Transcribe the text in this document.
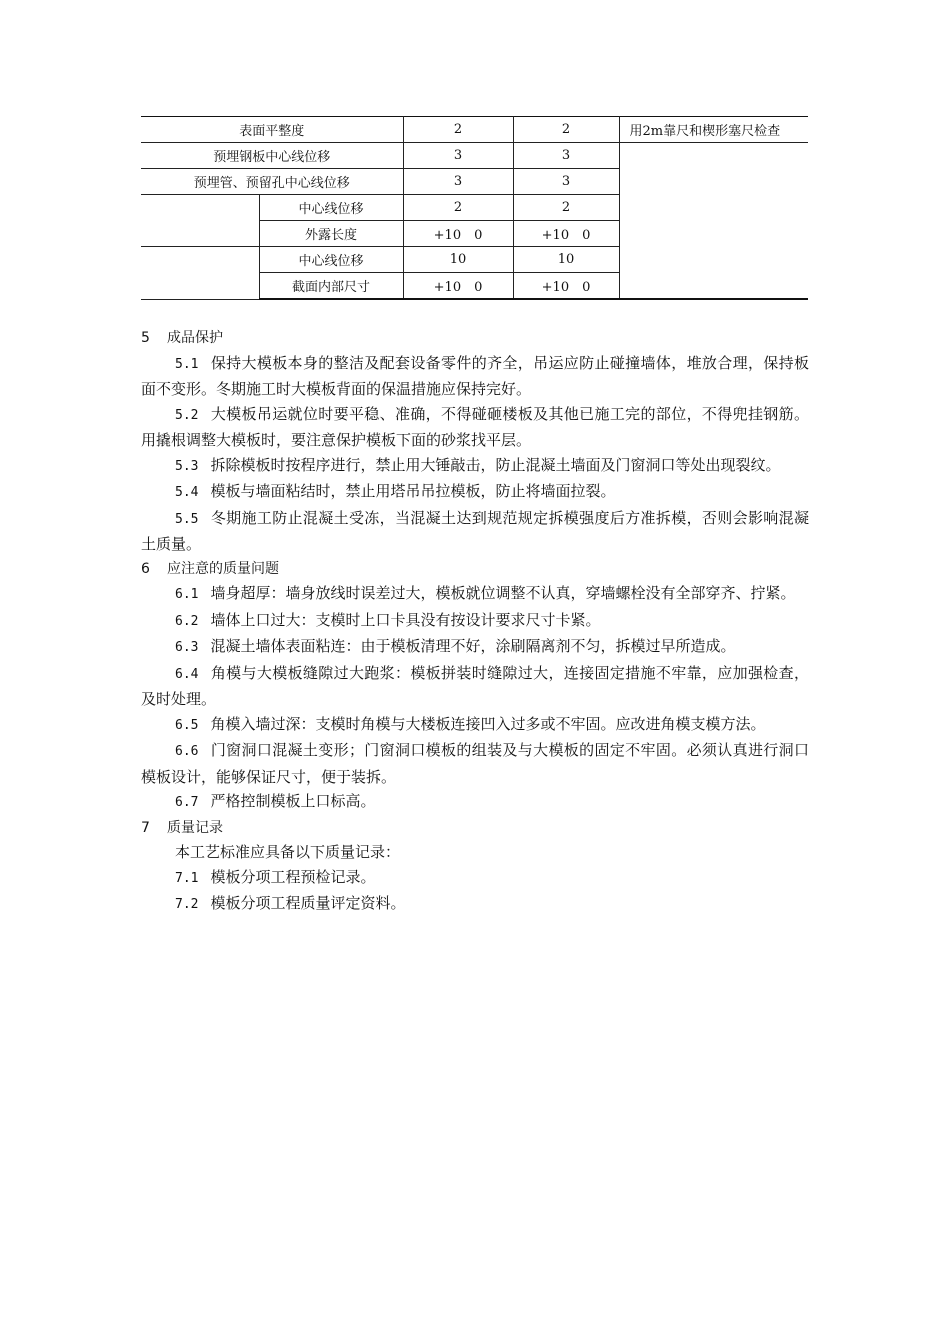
表面平整度		2	2	用2m靠尺和楔形塞尺检查
预埋钢板中心线位移		3	3	
预埋管、预留孔中心线位移		3	3	
	中心线位移	2	2	
	外露长度	+10　0	+10　0	
	中心线位移	10	10	
	截面内部尺寸	+10　0	+10　0	

5 成品保护

5.1 保持大模板本身的整洁及配套设备零件的齐全，吊运应防止碰撞墙体，堆放合理，保持板面不变形。冬期施工时大模板背面的保温措施应保持完好。

5.2 大模板吊运就位时要平稳、准确，不得碰砸楼板及其他已施工完的部位，不得兜挂钢筋。用撬根调整大模板时，要注意保护模板下面的砂浆找平层。

5.3 拆除模板时按程序进行，禁止用大锤敲击，防止混凝土墙面及门窗洞口等处出现裂纹。

5.4 模板与墙面粘结时，禁止用塔吊吊拉模板，防止将墙面拉裂。

5.5 冬期施工防止混凝土受冻，当混凝土达到规范规定拆模强度后方准拆模，否则会影响混凝土质量。

6 应注意的质量问题

6.1 墙身超厚：墙身放线时误差过大，模板就位调整不认真，穿墙螺栓没有全部穿齐、拧紧。

6.2 墙体上口过大：支模时上口卡具没有按设计要求尺寸卡紧。

6.3 混凝土墙体表面粘连：由于模板清理不好，涂刷隔离剂不匀，拆模过早所造成。

6.4 角模与大模板缝隙过大跑浆：模板拼装时缝隙过大，连接固定措施不牢靠，应加强检查，及时处理。

6.5 角模入墙过深：支模时角模与大楼板连接凹入过多或不牢固。应改进角模支模方法。

6.6 门窗洞口混凝土变形；门窗洞口模板的组装及与大模板的固定不牢固。必须认真进行洞口模板设计，能够保证尺寸，便于装拆。

6.7 严格控制模板上口标高。

7 质量记录

本工艺标准应具备以下质量记录：

7.1 模板分项工程预检记录。

7.2 模板分项工程质量评定资料。
